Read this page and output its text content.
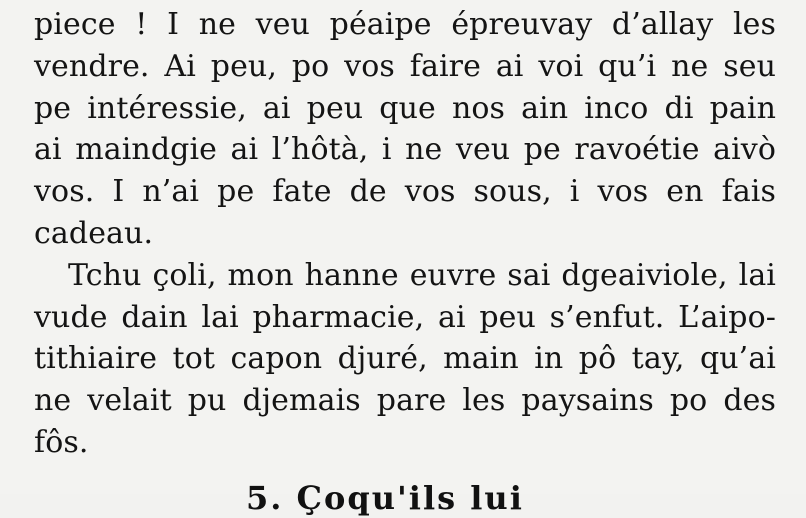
piece ! I ne veu péaipe épreuvay d’allay les
vendre. Ai peu, po vos faire ai voi qu’i ne seu
pe intéressie, ai peu que nos ain inco di pain
ai maindgie ai l’hôtà, i ne veu pe ravoétie aivò
vos. I n’ai pe fate de vos sous, i vos en fais
cadeau.
Tchu çoli, mon hanne euvre sai dgeaiviole, lai
vude dain lai pharmacie, ai peu s’enfut. L’aipo-
tithiaire tot capon djuré, main in pô tay, qu’ai
ne velait pu djemais pare les paysains po des
fôs.
5. Çoqu'ils lui
